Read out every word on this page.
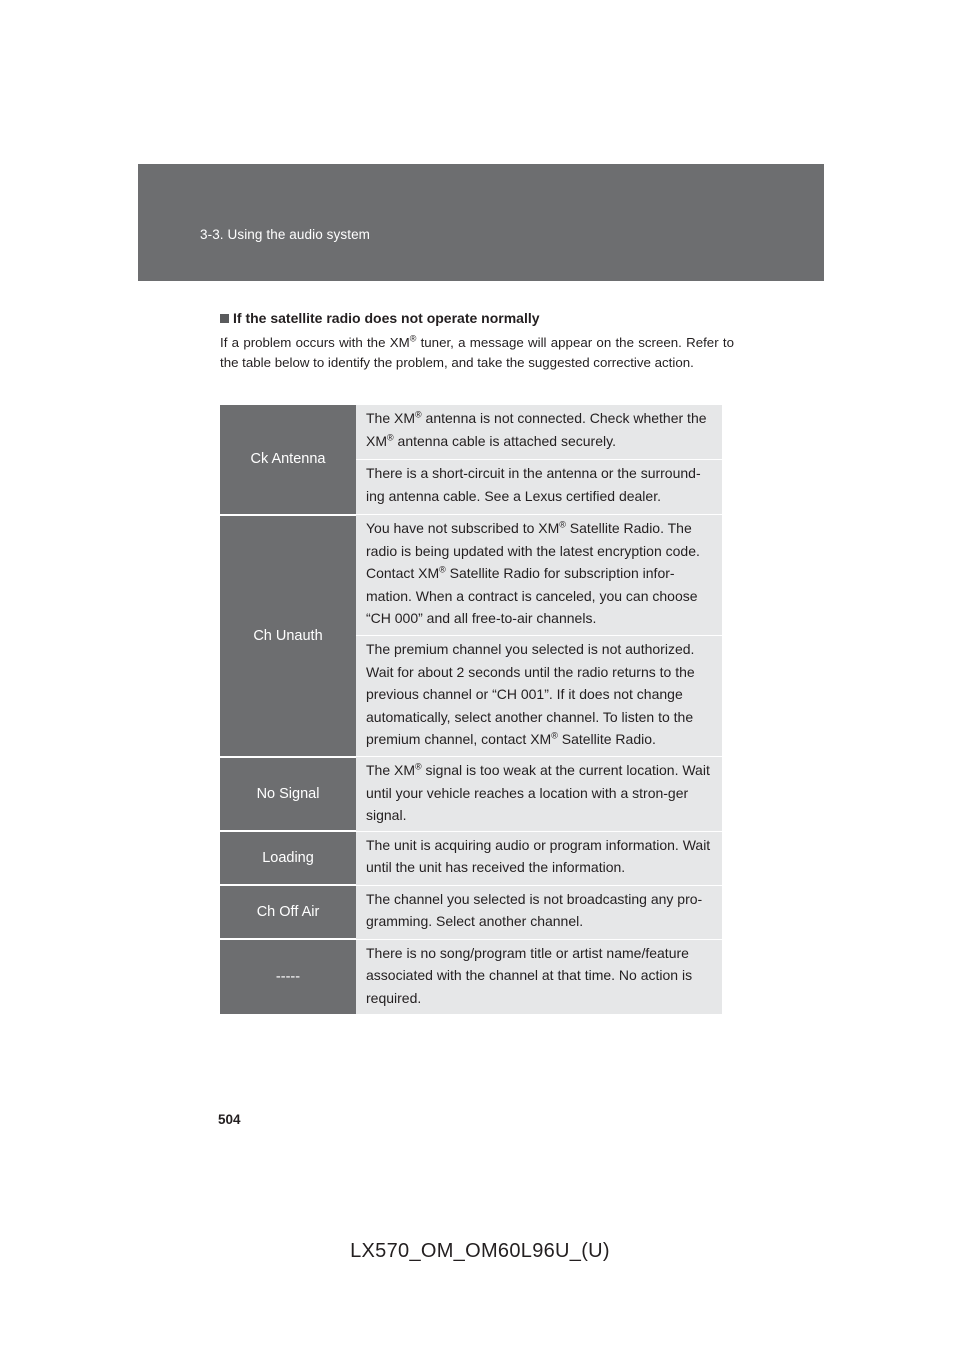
3-3. Using the audio system
If the satellite radio does not operate normally

If a problem occurs with the XM® tuner, a message will appear on the screen. Refer to the table below to identify the problem, and take the suggested corrective action.

Ck Antenna	The XM® antenna is not connected. Check whether the XM® antenna cable is attached securely.
	There is a short-circuit in the antenna or the surround-ing antenna cable. See a Lexus certified dealer.
Ch Unauth	You have not subscribed to XM® Satellite Radio. The radio is being updated with the latest encryption code. Contact XM® Satellite Radio for subscription infor-mation. When a contract is canceled, you can choose “CH 000” and all free-to-air channels.
	The premium channel you selected is not authorized. Wait for about 2 seconds until the radio returns to the previous channel or “CH 001”. If it does not change automatically, select another channel. To listen to the premium channel, contact XM® Satellite Radio.
No Signal	The XM® signal is too weak at the current location. Wait until your vehicle reaches a location with a stron-ger signal.
Loading	The unit is acquiring audio or program information. Wait until the unit has received the information.
Ch Off Air	The channel you selected is not broadcasting any pro-gramming. Select another channel.
-----	There is no song/program title or artist name/feature associated with the channel at that time. No action is required.
504
LX570_OM_OM60L96U_(U)
